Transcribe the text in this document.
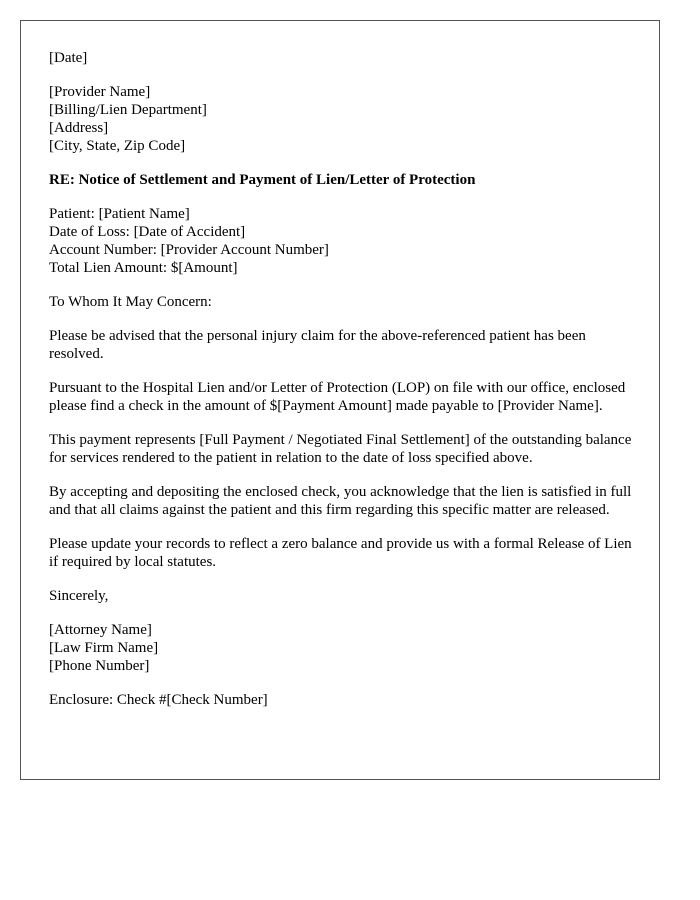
[Date]
[Provider Name]
[Billing/Lien Department]
[Address]
[City, State, Zip Code]
RE: Notice of Settlement and Payment of Lien/Letter of Protection
Patient: [Patient Name]
Date of Loss: [Date of Accident]
Account Number: [Provider Account Number]
Total Lien Amount: $[Amount]
To Whom It May Concern:

Please be advised that the personal injury claim for the above-referenced patient has been resolved.

Pursuant to the Hospital Lien and/or Letter of Protection (LOP) on file with our office, enclosed please find a check in the amount of $[Payment Amount] made payable to [Provider Name].

This payment represents [Full Payment / Negotiated Final Settlement] of the outstanding balance for services rendered to the patient in relation to the date of loss specified above.

By accepting and depositing the enclosed check, you acknowledge that the lien is satisfied in full and that all claims against the patient and this firm regarding this specific matter are released.

Please update your records to reflect a zero balance and provide us with a formal Release of Lien if required by local statutes.

Sincerely,
[Attorney Name]
[Law Firm Name]
[Phone Number]
Enclosure: Check #[Check Number]
